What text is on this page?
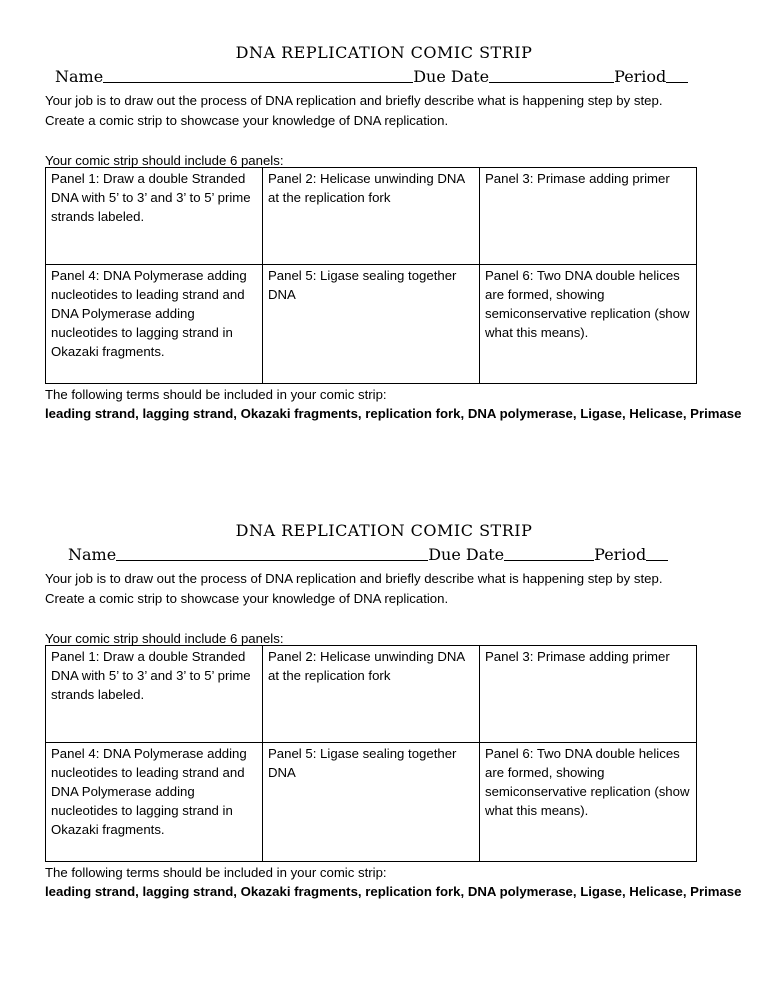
DNA REPLICATION COMIC STRIP
Name	Due Date	Period
Your job is to draw out the process of DNA replication and briefly describe what is happening step by step.
Create a comic strip to showcase your knowledge of DNA replication.
Your comic strip should include 6 panels:
Panel 1: Draw a double Stranded DNA with 5’ to 3’ and 3’ to 5’ prime strands labeled.	Panel 2: Helicase unwinding DNA at the replication fork	Panel 3: Primase adding primer
Panel 4: DNA Polymerase adding nucleotides to leading strand and DNA Polymerase adding nucleotides to lagging strand in Okazaki fragments.	Panel 5: Ligase sealing together DNA	Panel 6: Two DNA double helices are formed, showing semiconservative replication (show what this means).
The following terms should be included in your comic strip:
leading strand, lagging strand, Okazaki fragments, replication fork, DNA polymerase, Ligase, Helicase, Primase
DNA REPLICATION COMIC STRIP
Name	Due Date	Period
Your job is to draw out the process of DNA replication and briefly describe what is happening step by step.
Create a comic strip to showcase your knowledge of DNA replication.
Your comic strip should include 6 panels:
Panel 1: Draw a double Stranded DNA with 5’ to 3’ and 3’ to 5’ prime strands labeled.	Panel 2: Helicase unwinding DNA at the replication fork	Panel 3: Primase adding primer
Panel 4: DNA Polymerase adding nucleotides to leading strand and DNA Polymerase adding nucleotides to lagging strand in Okazaki fragments.	Panel 5: Ligase sealing together DNA	Panel 6: Two DNA double helices are formed, showing semiconservative replication (show what this means).
The following terms should be included in your comic strip:
leading strand, lagging strand, Okazaki fragments, replication fork, DNA polymerase, Ligase, Helicase, Primase
